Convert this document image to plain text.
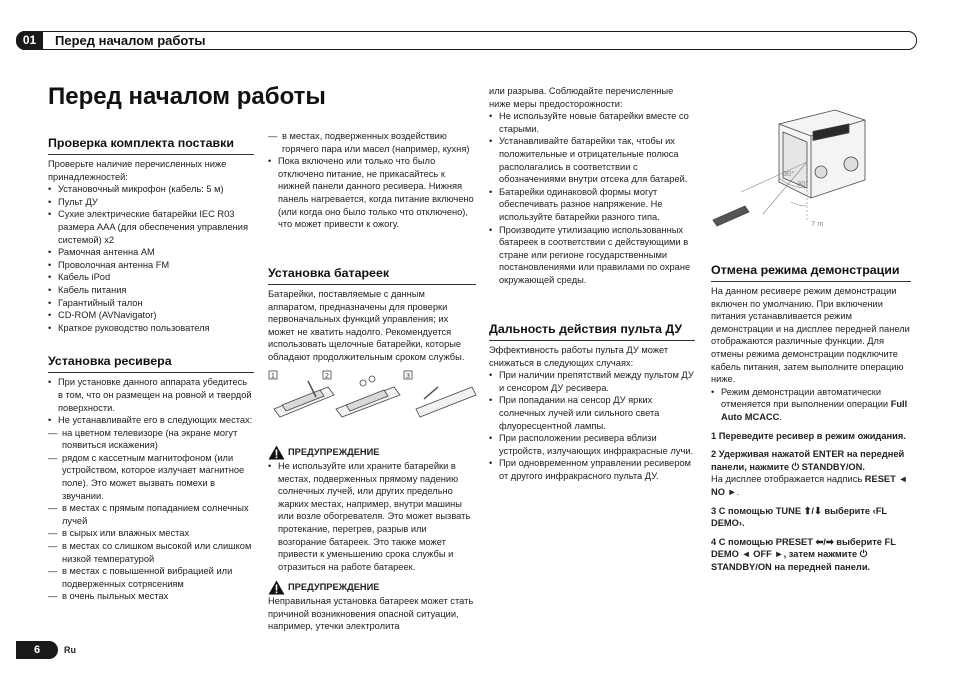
01	Перед началом работы
Перед началом работы
Проверка комплекта поставки

Проверьте наличие перечисленных ниже принадлежностей:

• Установочный микрофон (кабель: 5 м)
• Пульт ДУ
• Сухие электрические батарейки IEC R03 размера AAA (для обеспечения управления системой) x2
• Рамочная антенна AM
• Проволочная антенна FM
• Кабель iPod
• Кабель питания
• Гарантийный талон
• CD-ROM (AVNavigator)
• Краткое руководство пользователя
Установка ресивера
• При установке данного аппарата убедитесь в том, что он размещен на ровной и твердой поверхности.
• Не устанавливайте его в следующих местах:
— на цветном телевизоре (на экране могут появиться искажения)
— рядом с кассетным магнитофоном (или устройством, которое излучает магнитное поле). Это может вызвать помехи в звучании.
— в местах с прямым попаданием солнечных лучей
— в сырых или влажных местах
— в местах со слишком высокой или слишком низкой температурой
— в местах с повышенной вибрацией или подверженных сотрясениям
— в очень пыльных местах
— в местах, подверженных воздействию горячего пара или масел (например, кухня)
• Пока включено или только что было отключено питание, не прикасайтесь к нижней панели данного ресивера. Нижняя панель нагревается, когда питание включено (или когда оно было только что отключено), что может привести к ожогу.
Установка батареек

Батарейки, поставляемые с данным аппаратом, предназначены для проверки первоначальных функций управления; их может не хватить надолго. Рекомендуется использовать щелочные батарейки, которые обладают продолжительным сроком службы.

1	2	3
ПРЕДУПРЕЖДЕНИЕ
• Не используйте или храните батарейки в местах, подверженных прямому падению солнечных лучей, или других предельно жарких местах, например, внутри машины или возле обогревателя. Это может вызвать протекание, перегрев, разрыв или возгорание батареек. Это также может привести к уменьшению срока службы и отразиться на работе батареек.
ПРЕДУПРЕЖДЕНИЕ

Неправильная установка батареек может стать причиной возникновения опасной ситуации, например, утечки электролита

или разрыва. Соблюдайте перечисленные ниже меры предосторожности:

• Не используйте новые батарейки вместе со старыми.
• Устанавливайте батарейки так, чтобы их положительные и отрицательные полюса располагались в соответствии с обозначениями внутри отсека для батарей.
• Батарейки одинаковой формы могут обеспечивать разное напряжение. Не используйте батарейки разного типа.
• Производите утилизацию использованных батареек в соответствии с действующими в стране или регионе государственными постановлениями или правилами по охране окружающей среды.
Дальность действия пульта ДУ

Эффективность работы пульта ДУ может снижаться в следующих случаях:

• При наличии препятствий между пультом ДУ и сенсором ДУ ресивера.
• При попадании на сенсор ДУ ярких солнечных лучей или сильного света флуоресцентной лампы.
• При расположении ресивера вблизи устройств, излучающих инфракрасные лучи.
• При одновременном управлении ресивером от другого инфракрасного пульта ДУ.
30°
30°
7 m
Отмена режима демонстрации

На данном ресивере режим демонстрации включен по умолчанию. При включении питания устанавливается режим демонстрации и на дисплее передней панели отображаются различные функции. Для отмены режима демонстрации подключите кабель питания, затем выполните операцию ниже.

• Режим демонстрации автоматически отменяется при выполнении операции Full Auto MCACC.

1 Переведите ресивер в режим ожидания.

2 Удерживая нажатой ENTER на передней панели, нажмите ⏻ STANDBY/ON.

На дисплее отображается надпись RESET ◄ NO ►.

3 С помощью TUNE ⬆/⬇ выберите ‹FL DEMO›.

4 С помощью PRESET ⬅/➡ выберите FL DEMO ◄ OFF ►, затем нажмите ⏻ STANDBY/ON на передней панели.

6	Ru
